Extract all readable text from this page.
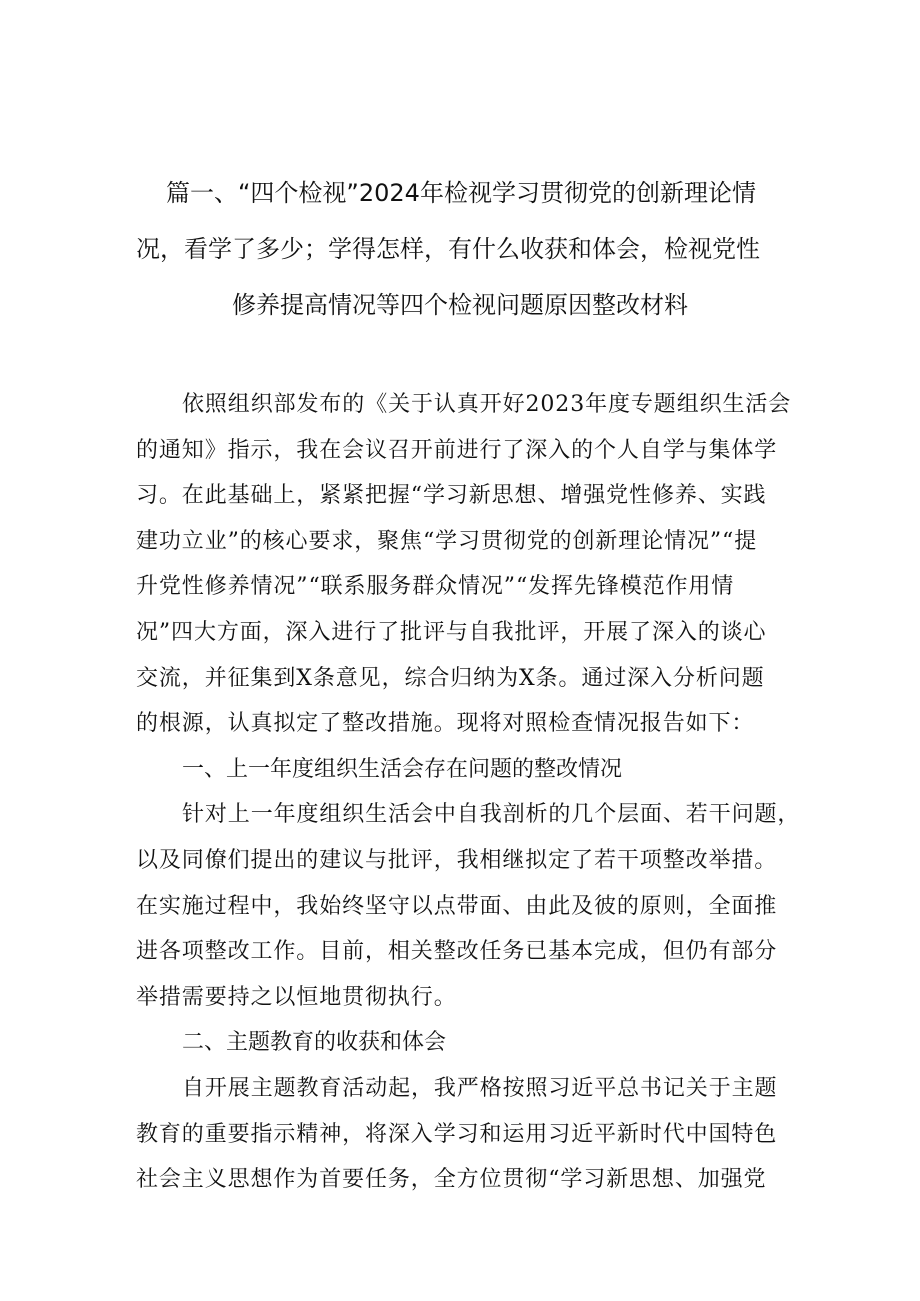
篇一、“四个检视”2024年检视学习贯彻党的创新理论情
况，看学了多少；学得怎样，有什么收获和体会，检视党性
修养提高情况等四个检视问题原因整改材料
依照组织部发布的《关于认真开好2023年度专题组织生活会
的通知》指示，我在会议召开前进行了深入的个人自学与集体学
习。在此基础上，紧紧把握“学习新思想、增强党性修养、实践
建功立业”的核心要求，聚焦“学习贯彻党的创新理论情况”“提
升党性修养情况”“联系服务群众情况”“发挥先锋模范作用情
况”四大方面，深入进行了批评与自我批评，开展了深入的谈心
交流，并征集到X条意见，综合归纳为X条。通过深入分析问题
的根源，认真拟定了整改措施。现将对照检查情况报告如下：
一、上一年度组织生活会存在问题的整改情况
针对上一年度组织生活会中自我剖析的几个层面、若干问题，
以及同僚们提出的建议与批评，我相继拟定了若干项整改举措。
在实施过程中，我始终坚守以点带面、由此及彼的原则，全面推
进各项整改工作。目前，相关整改任务已基本完成，但仍有部分
举措需要持之以恒地贯彻执行。
二、主题教育的收获和体会
自开展主题教育活动起，我严格按照习近平总书记关于主题
教育的重要指示精神，将深入学习和运用习近平新时代中国特色
社会主义思想作为首要任务，全方位贯彻“学习新思想、加强党
